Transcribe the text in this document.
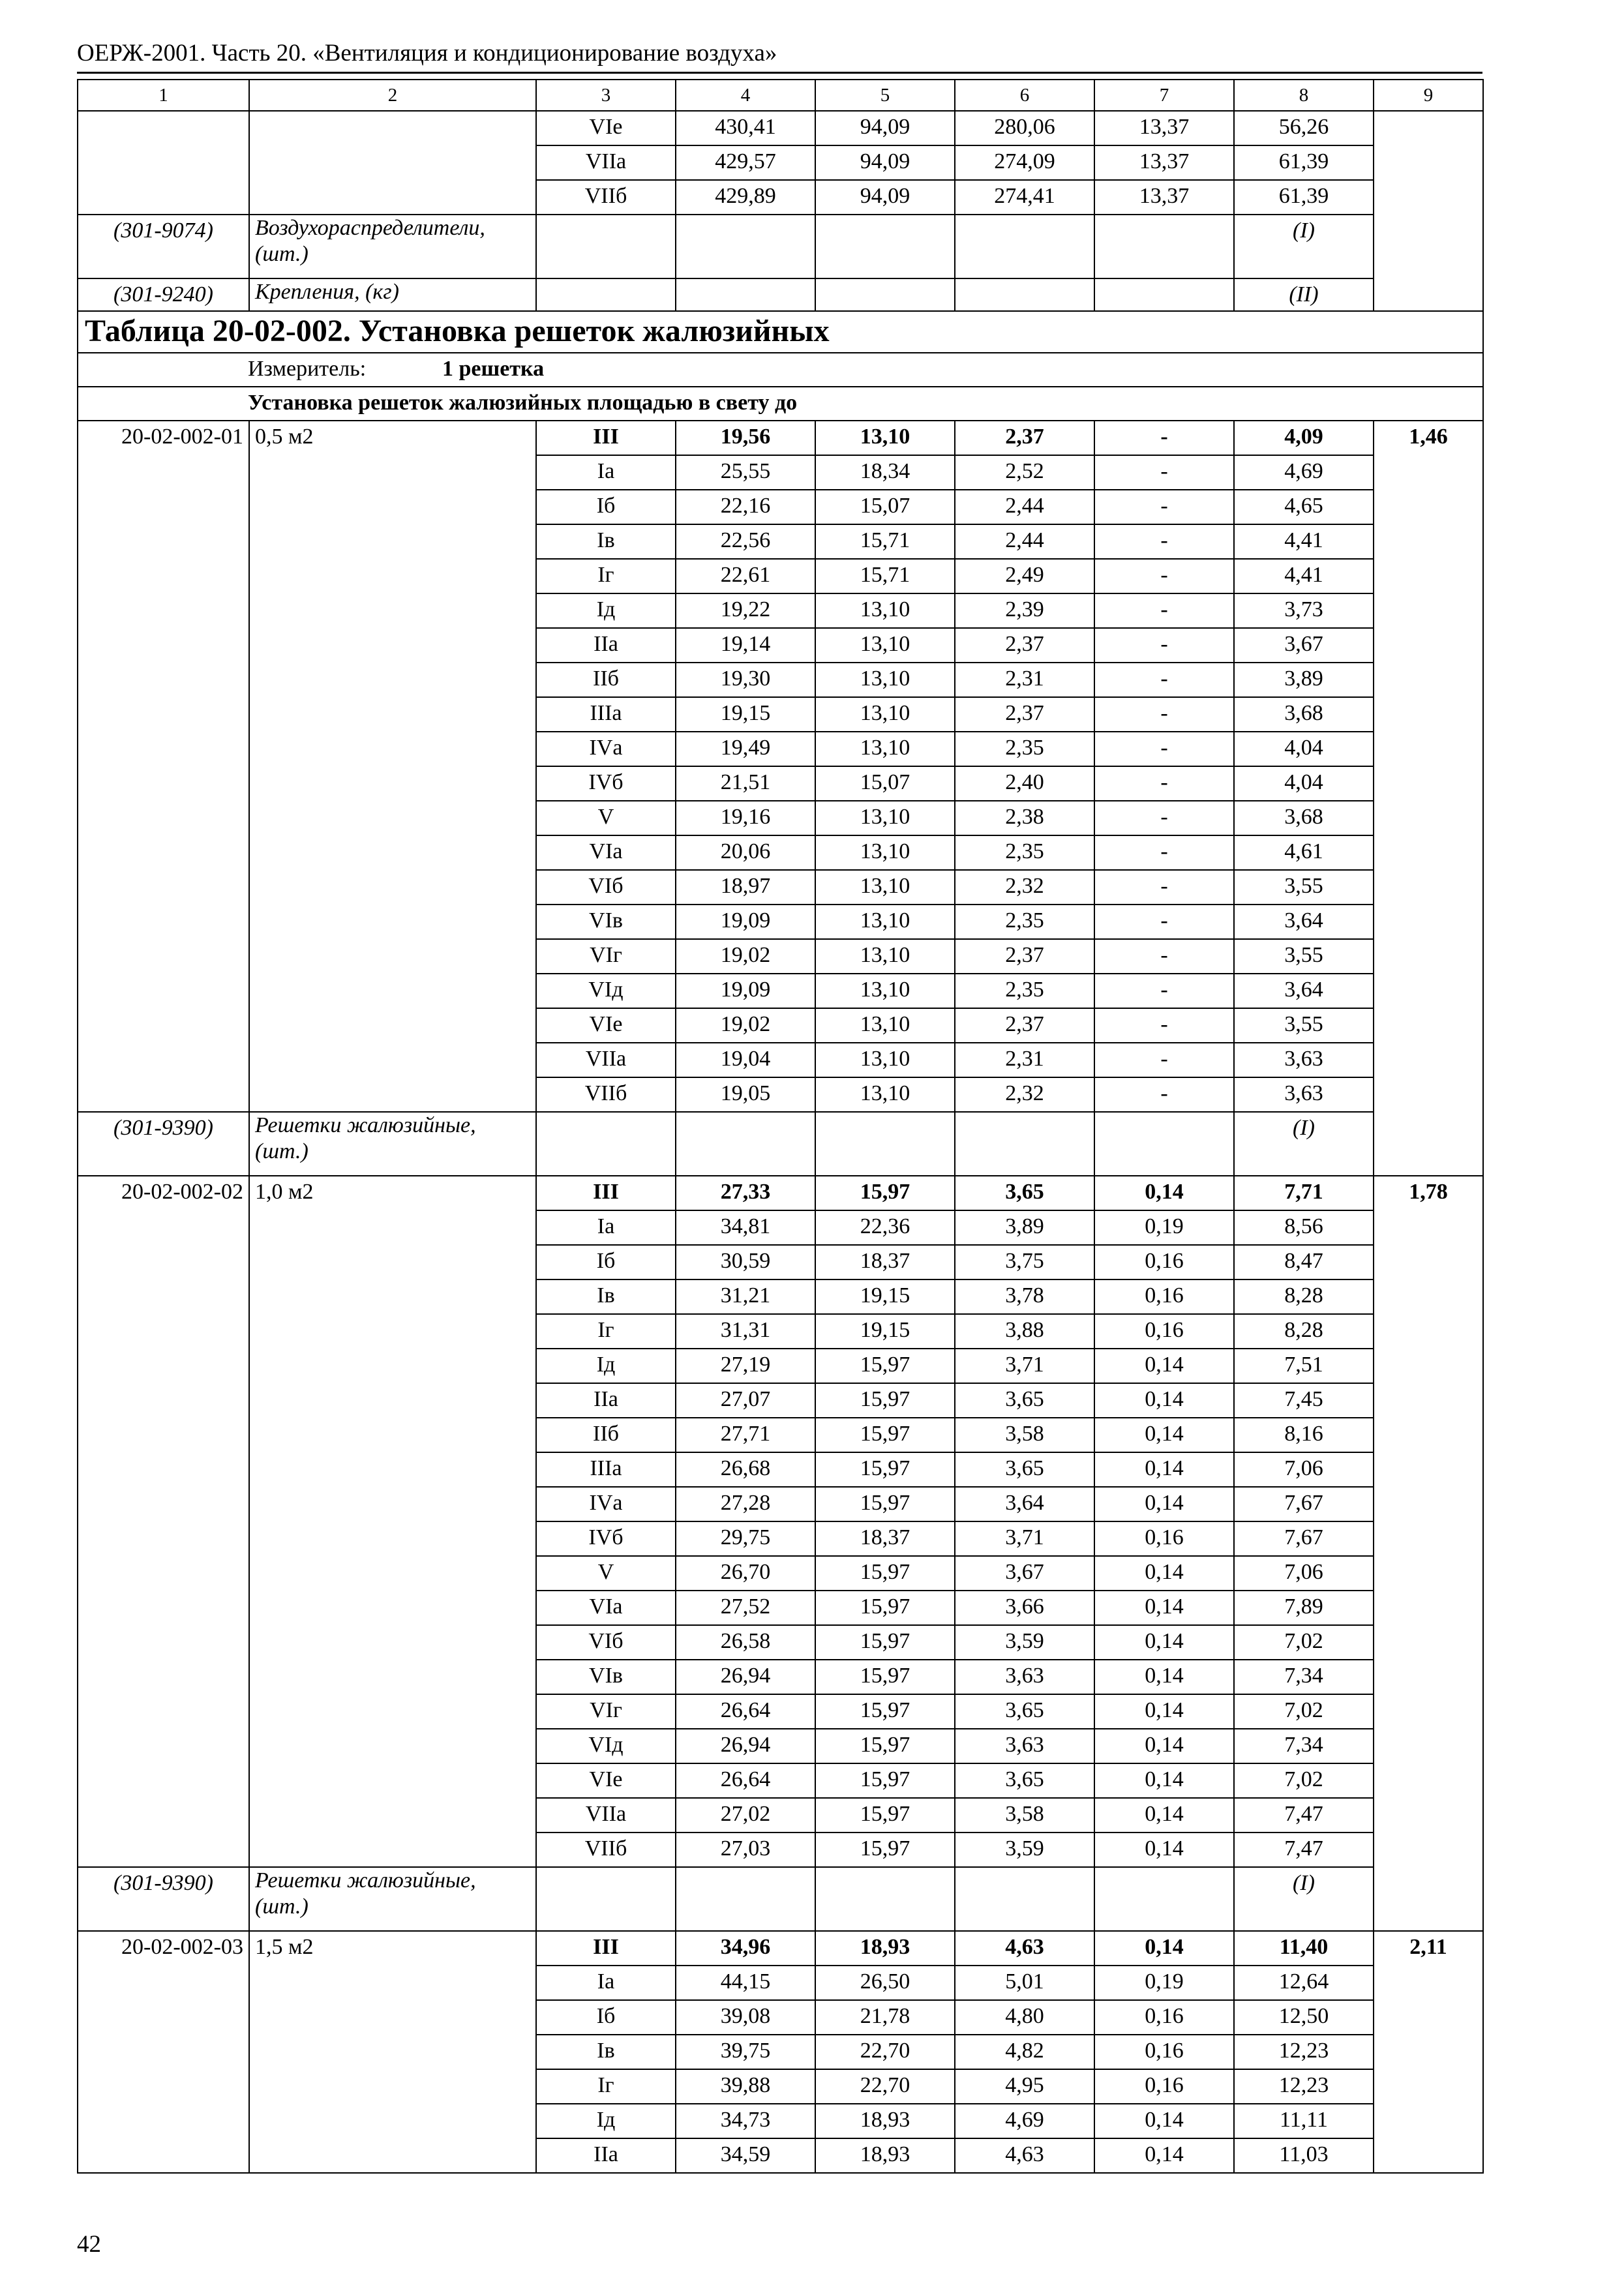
ОЕРЖ-2001. Часть 20. «Вентиляция и кондиционирование воздуха»
1	2	3	4	5	6	7	8	9
		VIе	430,41	94,09	280,06	13,37	56,26	
		VIIа	429,57	94,09	274,09	13,37	61,39	
		VIIб	429,89	94,09	274,41	13,37	61,39	
(301-9074)	Воздухораспределители, (шт.)						(I)	
(301-9240)	Крепления, (кг)						(II)	
Таблица 20-02-002. Установка решеток жалюзийных								
Измеритель: 1 решетка								
Установка решеток жалюзийных площадью в свету до								
20-02-002-01	0,5 м2	III	19,56	13,10	2,37	-	4,09	1,46
		Iа	25,55	18,34	2,52	-	4,69	
		Iб	22,16	15,07	2,44	-	4,65	
		Iв	22,56	15,71	2,44	-	4,41	
		Iг	22,61	15,71	2,49	-	4,41	
		Iд	19,22	13,10	2,39	-	3,73	
		IIа	19,14	13,10	2,37	-	3,67	
		IIб	19,30	13,10	2,31	-	3,89	
		IIIа	19,15	13,10	2,37	-	3,68	
		IVа	19,49	13,10	2,35	-	4,04	
		IVб	21,51	15,07	2,40	-	4,04	
		V	19,16	13,10	2,38	-	3,68	
		VIа	20,06	13,10	2,35	-	4,61	
		VIб	18,97	13,10	2,32	-	3,55	
		VIв	19,09	13,10	2,35	-	3,64	
		VIг	19,02	13,10	2,37	-	3,55	
		VIд	19,09	13,10	2,35	-	3,64	
		VIе	19,02	13,10	2,37	-	3,55	
		VIIа	19,04	13,10	2,31	-	3,63	
		VIIб	19,05	13,10	2,32	-	3,63	
(301-9390)	Решетки жалюзийные, (шт.)						(I)	
20-02-002-02	1,0 м2	III	27,33	15,97	3,65	0,14	7,71	1,78
		Iа	34,81	22,36	3,89	0,19	8,56	
		Iб	30,59	18,37	3,75	0,16	8,47	
		Iв	31,21	19,15	3,78	0,16	8,28	
		Iг	31,31	19,15	3,88	0,16	8,28	
		Iд	27,19	15,97	3,71	0,14	7,51	
		IIа	27,07	15,97	3,65	0,14	7,45	
		IIб	27,71	15,97	3,58	0,14	8,16	
		IIIа	26,68	15,97	3,65	0,14	7,06	
		IVа	27,28	15,97	3,64	0,14	7,67	
		IVб	29,75	18,37	3,71	0,16	7,67	
		V	26,70	15,97	3,67	0,14	7,06	
		VIа	27,52	15,97	3,66	0,14	7,89	
		VIб	26,58	15,97	3,59	0,14	7,02	
		VIв	26,94	15,97	3,63	0,14	7,34	
		VIг	26,64	15,97	3,65	0,14	7,02	
		VIд	26,94	15,97	3,63	0,14	7,34	
		VIе	26,64	15,97	3,65	0,14	7,02	
		VIIа	27,02	15,97	3,58	0,14	7,47	
		VIIб	27,03	15,97	3,59	0,14	7,47	
(301-9390)	Решетки жалюзийные, (шт.)						(I)	
20-02-002-03	1,5 м2	III	34,96	18,93	4,63	0,14	11,40	2,11
		Iа	44,15	26,50	5,01	0,19	12,64	
		Iб	39,08	21,78	4,80	0,16	12,50	
		Iв	39,75	22,70	4,82	0,16	12,23	
		Iг	39,88	22,70	4,95	0,16	12,23	
		Iд	34,73	18,93	4,69	0,14	11,11	
		IIа	34,59	18,93	4,63	0,14	11,03	
42
